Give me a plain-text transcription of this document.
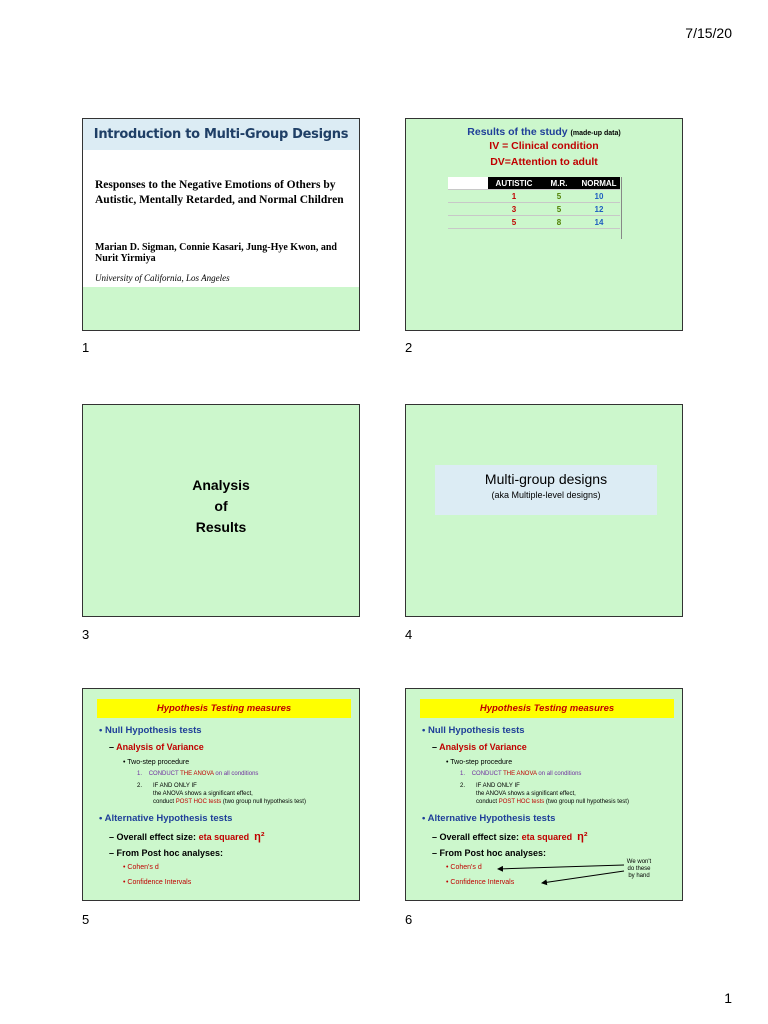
7/15/20
Introduction to Multi-Group Designs
Responses to the Negative Emotions of Others by Autistic, Mentally Retarded, and Normal Children
Marian D. Sigman, Connie Kasari, Jung-Hye Kwon, and Nurit Yirmiya
University of California, Los Angeles
1
Results of the study (made-up data)
IV = Clinical condition
DV=Attention to adult
	AUTISTIC	M.R.	NORMAL
	1	5	10
	3	5	12
	5	8	14
2
Analysis
of
Results
3
Multi-group designs
(aka Multiple-level designs)
4
Hypothesis Testing measures
• Null Hypothesis tests
– Analysis of Variance
• Two-step procedure
1. CONDUCT THE ANOVA on all conditions
2. IF AND ONLY IF
the ANOVA shows a significant effect,
conduct POST HOC tests (two group null hypothesis test)
• Alternative Hypothesis tests
– Overall effect size: eta squared η²
– From Post hoc analyses:
• Cohen's d
• Confidence Intervals
5
Hypothesis Testing measures
• Null Hypothesis tests
– Analysis of Variance
• Two-step procedure
1. CONDUCT THE ANOVA on all conditions
2. IF AND ONLY IF
the ANOVA shows a significant effect,
conduct POST HOC tests (two group null hypothesis test)
• Alternative Hypothesis tests
– Overall effect size: eta squared η²
– From Post hoc analyses:
• Cohen's d
• Confidence Intervals
We won't
do these
by hand
6
1
